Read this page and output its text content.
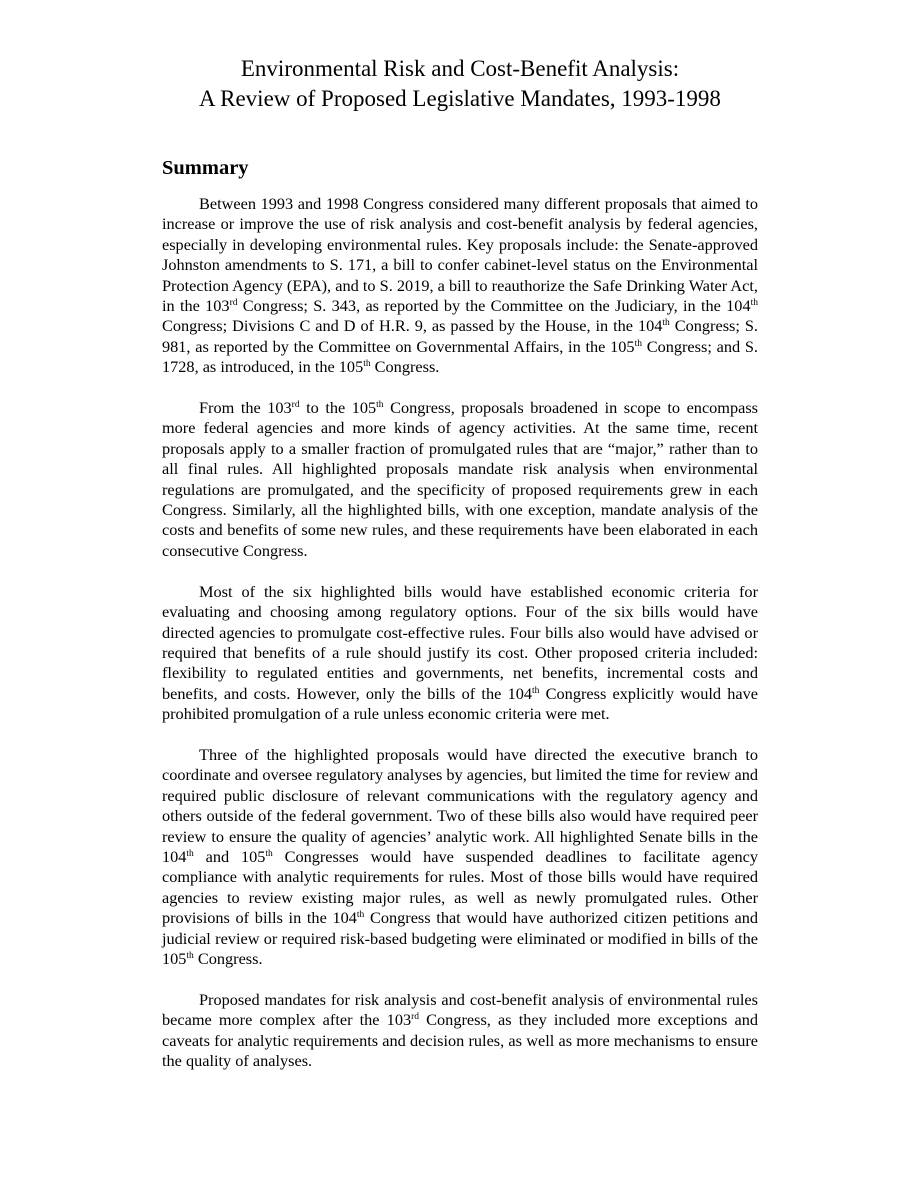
Environmental Risk and Cost-Benefit Analysis:
A Review of Proposed Legislative Mandates, 1993-1998
Summary

Between 1993 and 1998 Congress considered many different proposals that aimed to increase or improve the use of risk analysis and cost-benefit analysis by federal agencies, especially in developing environmental rules. Key proposals include: the Senate-approved Johnston amendments to S. 171, a bill to confer cabinet-level status on the Environmental Protection Agency (EPA), and to S. 2019, a bill to reauthorize the Safe Drinking Water Act, in the 103rd Congress; S. 343, as reported by the Committee on the Judiciary, in the 104th Congress; Divisions C and D of H.R. 9, as passed by the House, in the 104th Congress; S. 981, as reported by the Committee on Governmental Affairs, in the 105th Congress; and S. 1728, as introduced, in the 105th Congress.

From the 103rd to the 105th Congress, proposals broadened in scope to encompass more federal agencies and more kinds of agency activities. At the same time, recent proposals apply to a smaller fraction of promulgated rules that are “major,” rather than to all final rules. All highlighted proposals mandate risk analysis when environmental regulations are promulgated, and the specificity of proposed requirements grew in each Congress. Similarly, all the highlighted bills, with one exception, mandate analysis of the costs and benefits of some new rules, and these requirements have been elaborated in each consecutive Congress.

Most of the six highlighted bills would have established economic criteria for evaluating and choosing among regulatory options. Four of the six bills would have directed agencies to promulgate cost-effective rules. Four bills also would have advised or required that benefits of a rule should justify its cost. Other proposed criteria included: flexibility to regulated entities and governments, net benefits, incremental costs and benefits, and costs. However, only the bills of the 104th Congress explicitly would have prohibited promulgation of a rule unless economic criteria were met.

Three of the highlighted proposals would have directed the executive branch to coordinate and oversee regulatory analyses by agencies, but limited the time for review and required public disclosure of relevant communications with the regulatory agency and others outside of the federal government. Two of these bills also would have required peer review to ensure the quality of agencies’ analytic work. All highlighted Senate bills in the 104th and 105th Congresses would have suspended deadlines to facilitate agency compliance with analytic requirements for rules. Most of those bills would have required agencies to review existing major rules, as well as newly promulgated rules. Other provisions of bills in the 104th Congress that would have authorized citizen petitions and judicial review or required risk-based budgeting were eliminated or modified in bills of the 105th Congress.

Proposed mandates for risk analysis and cost-benefit analysis of environmental rules became more complex after the 103rd Congress, as they included more exceptions and caveats for analytic requirements and decision rules, as well as more mechanisms to ensure the quality of analyses.
